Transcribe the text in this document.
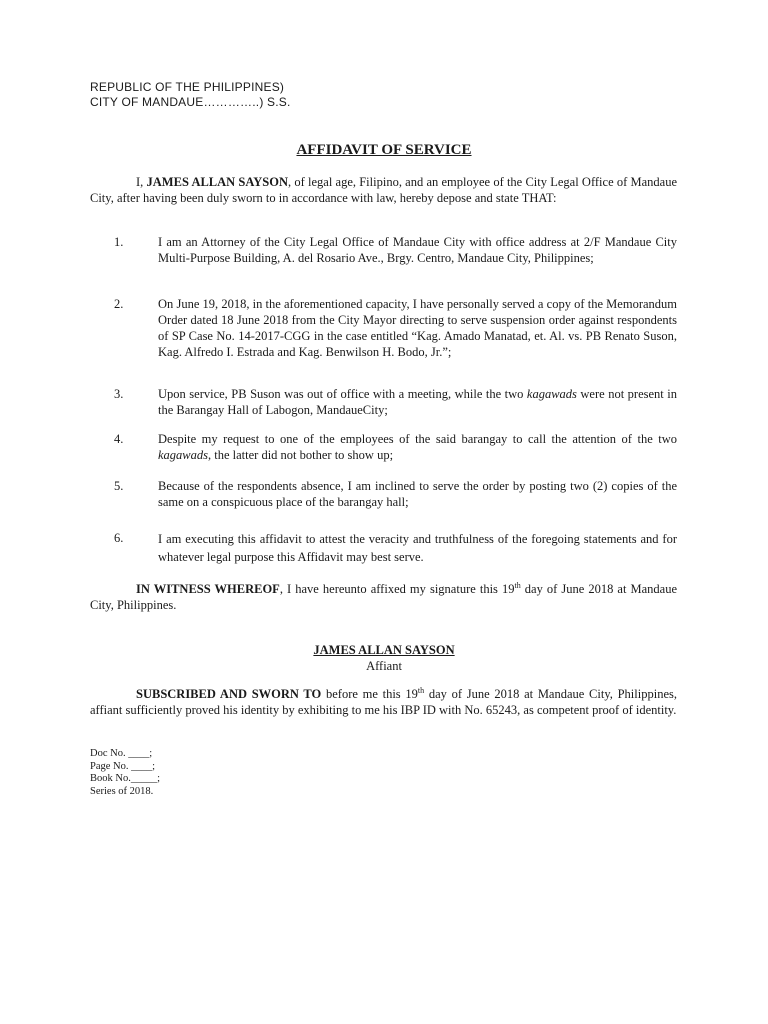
REPUBLIC OF THE PHILIPPINES)
CITY OF MANDAUE…………..) S.S.
AFFIDAVIT OF SERVICE
I, JAMES ALLAN SAYSON, of legal age, Filipino, and an employee of the City Legal Office of Mandaue City, after having been duly sworn to in accordance with law, hereby depose and state THAT:
1.	I am an Attorney of the City Legal Office of Mandaue City with office address at 2/F Mandaue City Multi-Purpose Building, A. del Rosario Ave., Brgy. Centro, Mandaue City, Philippines;
2.	On June 19, 2018, in the aforementioned capacity, I have personally served a copy of the Memorandum Order dated 18 June 2018 from the City Mayor directing to serve suspension order against respondents of SP Case No. 14-2017-CGG in the case entitled “Kag. Amado Manatad, et. Al. vs. PB Renato Suson, Kag. Alfredo I. Estrada and Kag. Benwilson H. Bodo, Jr.”;
3.	Upon service, PB Suson was out of office with a meeting, while the two kagawads were not present in the Barangay Hall of Labogon, MandaueCity;
4.	Despite my request to one of the employees of the said barangay to call the attention of the two kagawads, the latter did not bother to show up;
5.	Because of the respondents absence, I am inclined to serve the order by posting two (2) copies of the same on a conspicuous place of the barangay hall;
6.	I am executing this affidavit to attest the veracity and truthfulness of the foregoing statements and for whatever legal purpose this Affidavit may best serve.
IN WITNESS WHEREOF, I have hereunto affixed my signature this 19th day of June 2018 at Mandaue City, Philippines.
JAMES ALLAN SAYSON
Affiant
SUBSCRIBED AND SWORN TO before me this 19th day of June 2018 at Mandaue City, Philippines, affiant sufficiently proved his identity by exhibiting to me his IBP ID with No. 65243, as competent proof of identity.
Doc No. ____;
Page No. ____;
Book No._____;
Series of 2018.
